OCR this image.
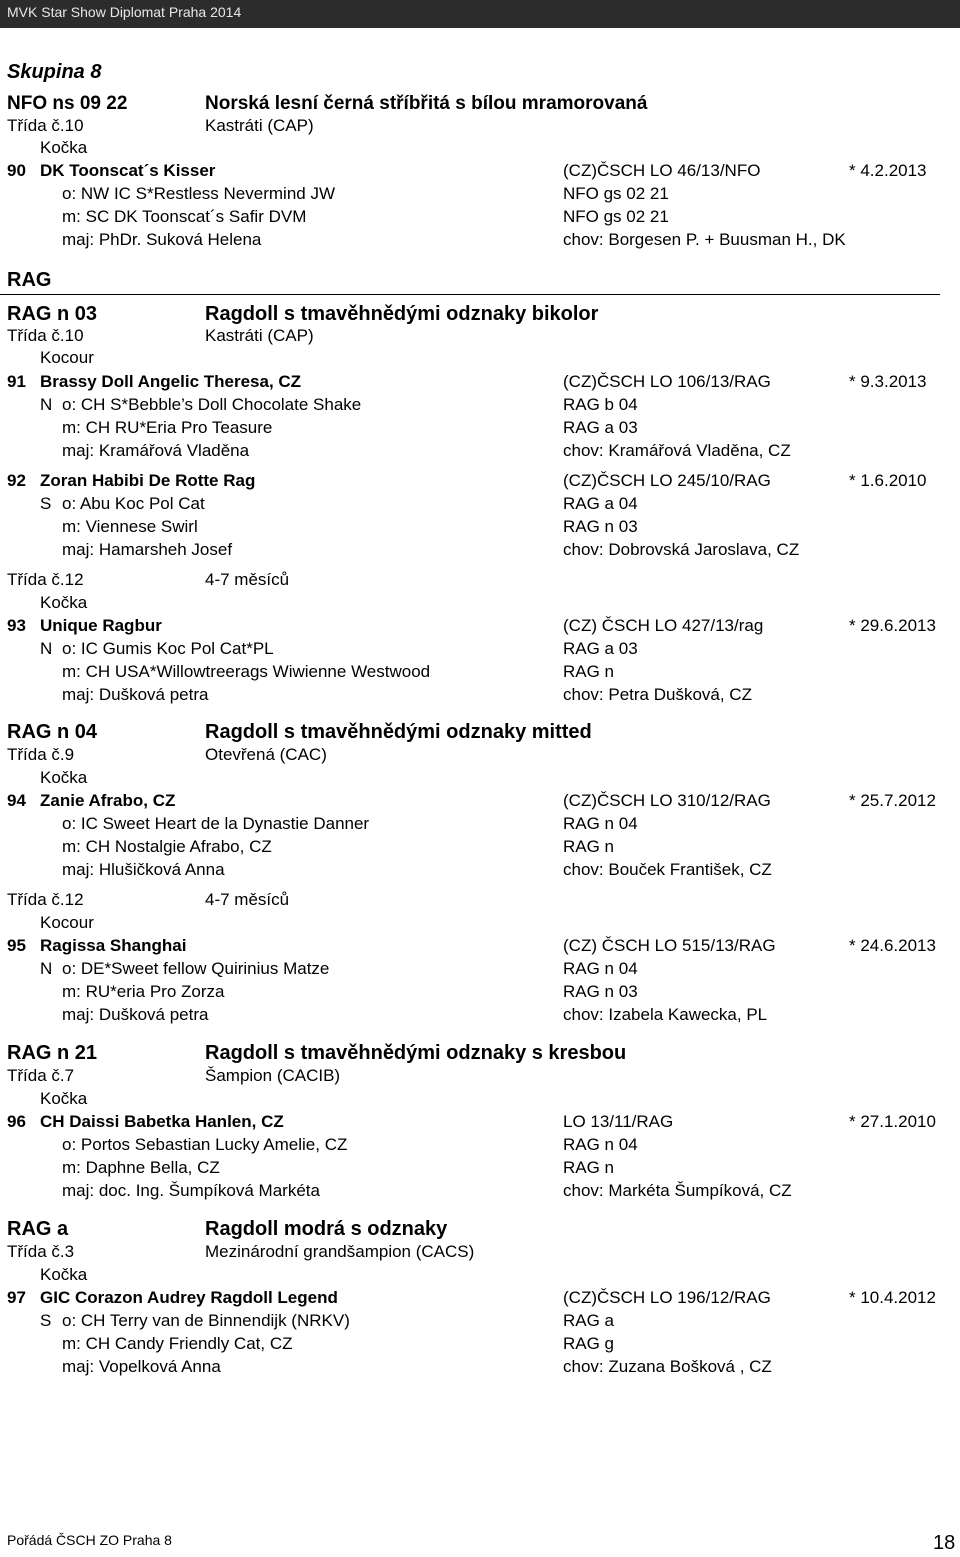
MVK Star Show Diplomat Praha 2014
Skupina 8
NFO ns 09 22	Norská lesní černá stříbřitá s bílou mramorovaná
Třída č.10	Kastráti (CAP)
Kočka
90 DK Toonscat´s Kisser	(CZ)ČSCH LO 46/13/NFO	* 4.2.2013
o: NW IC S*Restless Nevermind JW	NFO gs 02 21
m: SC DK Toonscat´s Safir DVM	NFO gs 02 21
maj: PhDr. Suková Helena	chov: Borgesen P. + Buusman H., DK
RAG
RAG n 03	Ragdoll s tmavěhnědými odznaky bikolor
Třída č.10	Kastráti (CAP)
Kocour
91 Brassy Doll Angelic Theresa, CZ	(CZ)ČSCH LO 106/13/RAG	* 9.3.2013
N o: CH S*Bebble’s Doll Chocolate Shake	RAG b 04
m: CH RU*Eria Pro Teasure	RAG a 03
maj: Kramářová Vladěna	chov: Kramářová Vladěna, CZ
92 Zoran Habibi De Rotte Rag	(CZ)ČSCH LO 245/10/RAG	* 1.6.2010
S o: Abu Koc Pol Cat	RAG a 04
m: Viennese Swirl	RAG n 03
maj: Hamarsheh Josef	chov: Dobrovská Jaroslava, CZ
Třída č.12	4-7 měsíců
Kočka
93 Unique Ragbur	(CZ) ČSCH LO 427/13/rag	* 29.6.2013
N o: IC Gumis Koc Pol Cat*PL	RAG a 03
m: CH USA*Willowtreerags Wiwienne Westwood	RAG n
maj: Dušková petra	chov: Petra Dušková, CZ
RAG n 04	Ragdoll s tmavěhnědými odznaky mitted
Třída č.9	Otevřená (CAC)
Kočka
94 Zanie Afrabo, CZ	(CZ)ČSCH LO 310/12/RAG	* 25.7.2012
o: IC Sweet Heart de la Dynastie Danner	RAG n 04
m: CH Nostalgie Afrabo, CZ	RAG n
maj: Hlušičková Anna	chov: Bouček František, CZ
Třída č.12	4-7 měsíců
Kocour
95 Ragissa Shanghai	(CZ) ČSCH LO 515/13/RAG	* 24.6.2013
N o: DE*Sweet fellow Quirinius Matze	RAG n 04
m: RU*eria Pro Zorza	RAG n 03
maj: Dušková petra	chov: Izabela Kawecka, PL
RAG n 21	Ragdoll s tmavěhnědými odznaky s kresbou
Třída č.7	Šampion (CACIB)
Kočka
96 CH Daissi Babetka Hanlen, CZ	LO 13/11/RAG	* 27.1.2010
o: Portos Sebastian Lucky Amelie, CZ	RAG n 04
m: Daphne Bella, CZ	RAG n
maj: doc. Ing. Šumpíková Markéta	chov: Markéta Šumpíková, CZ
RAG a	Ragdoll modrá s odznaky
Třída č.3	Mezinárodní grandšampion (CACS)
Kočka
97 GIC Corazon Audrey Ragdoll Legend	(CZ)ČSCH LO 196/12/RAG	* 10.4.2012
S o: CH Terry van de Binnendijk (NRKV)	RAG a
m: CH Candy Friendly Cat, CZ	RAG g
maj: Vopelková Anna	chov: Zuzana Bošková , CZ
Pořádá ČSCH ZO Praha 8	18
